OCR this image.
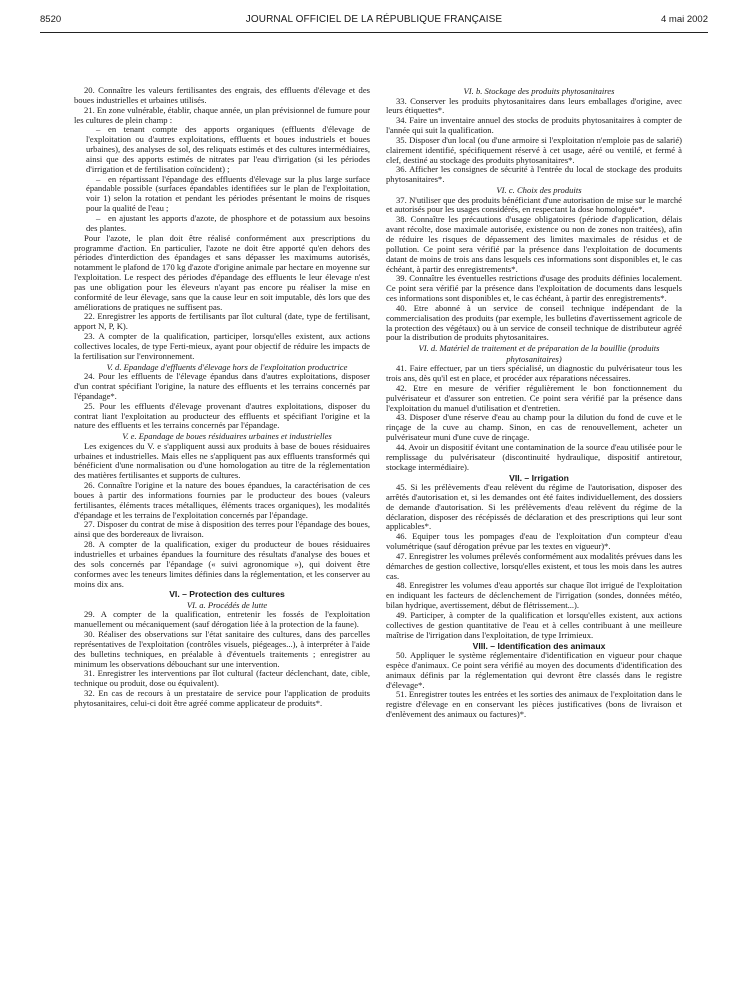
8520	JOURNAL OFFICIEL DE LA RÉPUBLIQUE FRANÇAISE	4 mai 2002

20. Connaître les valeurs fertilisantes des engrais, des effluents d'élevage et des boues industrielles et urbaines utilisés.

21. En zone vulnérable, établir, chaque année, un plan prévisionnel de fumure pour les cultures de plein champ :

– en tenant compte des apports organiques (effluents d'élevage de l'exploitation ou d'autres exploitations, effluents et boues industriels et boues urbaines), des analyses de sol, des reliquats estimés et des cultures intermédiaires, ainsi que des apports estimés de nitrates par l'eau d'irrigation (si les périodes d'irrigation et de fertilisation coïncident) ;

– en répartissant l'épandage des effluents d'élevage sur la plus large surface épandable possible (surfaces épandables identifiées sur le plan de l'exploitation, voir 1) selon la rotation et pendant les périodes présentant le moins de risques pour la qualité de l'eau ;

– en ajustant les apports d'azote, de phosphore et de potassium aux besoins des plantes.

Pour l'azote, le plan doit être réalisé conformément aux prescriptions du programme d'action. En particulier, l'azote ne doit être apporté qu'en dehors des périodes d'interdiction des épandages et sans dépasser les maximums autorisés, notamment le plafond de 170 kg d'azote d'origine animale par hectare en moyenne sur l'exploitation. Le respect des périodes d'épandage des effluents le leur élevage n'est pas une obligation pour les éleveurs n'ayant pas encore pu réaliser la mise en conformité de leur élevage, sans que la cause leur en soit imputable, dès lors que des améliorations de pratiques ne suffisent pas.

22. Enregistrer les apports de fertilisants par îlot cultural (date, type de fertilisant, apport N, P, K).

23. A compter de la qualification, participer, lorsqu'elles existent, aux actions collectives locales, de type Ferti-mieux, ayant pour objectif de réduire les impacts de la fertilisation sur l'environnement.

V. d. Epandage d'effluents d'élevage hors de l'exploitation productrice

24. Pour les effluents de l'élevage épandus dans d'autres exploitations, disposer d'un contrat spécifiant l'origine, la nature des effluents et les terrains concernés par l'épandage*.

25. Pour les effluents d'élevage provenant d'autres exploitations, disposer du contrat liant l'exploitation au producteur des effluents et spécifiant l'origine et la nature des effluents et les terrains concernés par l'épandage.

V. e. Epandage de boues résiduaires urbaines et industrielles

Les exigences du V. e s'appliquent aussi aux produits à base de boues résiduaires urbaines et industrielles. Mais elles ne s'appliquent pas aux effluents transformés qui bénéficient d'une normalisation ou d'une homologation au titre de la réglementation des matières fertilisantes et supports de cultures.

26. Connaître l'origine et la nature des boues épandues, la caractérisation de ces boues à partir des informations fournies par le producteur des boues (valeurs fertilisantes, éléments traces métalliques, éléments traces organiques), les modalités d'épandage et les terrains de l'exploitation concernés par l'épandage.

27. Disposer du contrat de mise à disposition des terres pour l'épandage des boues, ainsi que des bordereaux de livraison.

28. A compter de la qualification, exiger du producteur de boues résiduaires industrielles et urbaines épandues la fourniture des résultats d'analyse des boues et des sols concernés par l'épandage (« suivi agronomique »), qui doivent être conformes avec les teneurs limites définies dans la réglementation, et les conserver au moins dix ans.

VI. – Protection des cultures

VI. a. Procédés de lutte

29. A compter de la qualification, entretenir les fossés de l'exploitation manuellement ou mécaniquement (sauf dérogation liée à la protection de la faune).

30. Réaliser des observations sur l'état sanitaire des cultures, dans des parcelles représentatives de l'exploitation (contrôles visuels, piégeages...), à interpréter à l'aide des bulletins techniques, en préalable à d'éventuels traitements ; enregistrer au minimum les observations débouchant sur une intervention.

31. Enregistrer les interventions par îlot cultural (facteur déclenchant, date, cible, technique ou produit, dose ou équivalent).

32. En cas de recours à un prestataire de service pour l'application de produits phytosanitaires, celui-ci doit être agréé comme applicateur de produits*.

VI. b. Stockage des produits phytosanitaires

33. Conserver les produits phytosanitaires dans leurs emballages d'origine, avec leurs étiquettes*.

34. Faire un inventaire annuel des stocks de produits phytosanitaires à compter de l'année qui suit la qualification.

35. Disposer d'un local (ou d'une armoire si l'exploitation n'emploie pas de salarié) clairement identifié, spécifiquement réservé à cet usage, aéré ou ventilé, et fermé à clef, destiné au stockage des produits phytosanitaires*.

36. Afficher les consignes de sécurité à l'entrée du local de stockage des produits phytosanitaires*.

VI. c. Choix des produits

37. N'utiliser que des produits bénéficiant d'une autorisation de mise sur le marché et autorisés pour les usages considérés, en respectant la dose homologuée*.

38. Connaître les précautions d'usage obligatoires (période d'application, délais avant récolte, dose maximale autorisée, existence ou non de zones non traitées), afin de réduire les risques de dépassement des limites maximales de résidus et de pollution. Ce point sera vérifié par la présence dans l'exploitation de documents datant de moins de trois ans dans lesquels ces informations sont disponibles et, le cas échéant, à partir des enregistrements*.

39. Connaître les éventuelles restrictions d'usage des produits définies localement. Ce point sera vérifié par la présence dans l'exploitation de documents dans lesquels ces informations sont disponibles et, le cas échéant, à partir des enregistrements*.

40. Etre abonné à un service de conseil technique indépendant de la commercialisation des produits (par exemple, les bulletins d'avertissement agricole de la protection des végétaux) ou à un service de conseil technique de distributeur agréé pour la distribution de produits phytosanitaires.

VI. d. Matériel de traitement et de préparation de la bouillie (produits phytosanitaires)

41. Faire effectuer, par un tiers spécialisé, un diagnostic du pulvérisateur tous les trois ans, dès qu'il est en place, et procéder aux réparations nécessaires.

42. Etre en mesure de vérifier régulièrement le bon fonctionnement du pulvérisateur et d'assurer son entretien. Ce point sera vérifié par la présence dans l'exploitation du manuel d'utilisation et d'entretien.

43. Disposer d'une réserve d'eau au champ pour la dilution du fond de cuve et le rinçage de la cuve au champ. Sinon, en cas de renouvellement, acheter un pulvérisateur muni d'une cuve de rinçage.

44. Avoir un dispositif évitant une contamination de la source d'eau utilisée pour le remplissage du pulvérisateur (discontinuité hydraulique, dispositif antiretour, stockage intermédiaire).

VII. – Irrigation

45. Si les prélèvements d'eau relèvent du régime de l'autorisation, disposer des arrêtés d'autorisation et, si les demandes ont été faites individuellement, des dossiers de demande d'autorisation. Si les prélèvements d'eau relèvent du régime de la déclaration, disposer des récépissés de déclaration et des prescriptions qui leur sont applicables*.

46. Equiper tous les pompages d'eau de l'exploitation d'un compteur d'eau volumétrique (sauf dérogation prévue par les textes en vigueur)*.

47. Enregistrer les volumes prélevés conformément aux modalités prévues dans les démarches de gestion collective, lorsqu'elles existent, et tous les mois dans les autres cas.

48. Enregistrer les volumes d'eau apportés sur chaque îlot irrigué de l'exploitation en indiquant les facteurs de déclenchement de l'irrigation (sondes, données météo, bilan hydrique, avertissement, début de flétrissement...).

49. Participer, à compter de la qualification et lorsqu'elles existent, aux actions collectives de gestion quantitative de l'eau et à celles contribuant à une meilleure maîtrise de l'irrigation dans l'exploitation, de type Irrimieux.

VIII. – Identification des animaux

50. Appliquer le système réglementaire d'identification en vigueur pour chaque espèce d'animaux. Ce point sera vérifié au moyen des documents d'identification des animaux définis par la réglementation qui devront être classés dans le registre d'élevage*.

51. Enregistrer toutes les entrées et les sorties des animaux de l'exploitation dans le registre d'élevage en en conservant les pièces justificatives (bons de livraison et d'enlèvement des animaux ou factures)*.
